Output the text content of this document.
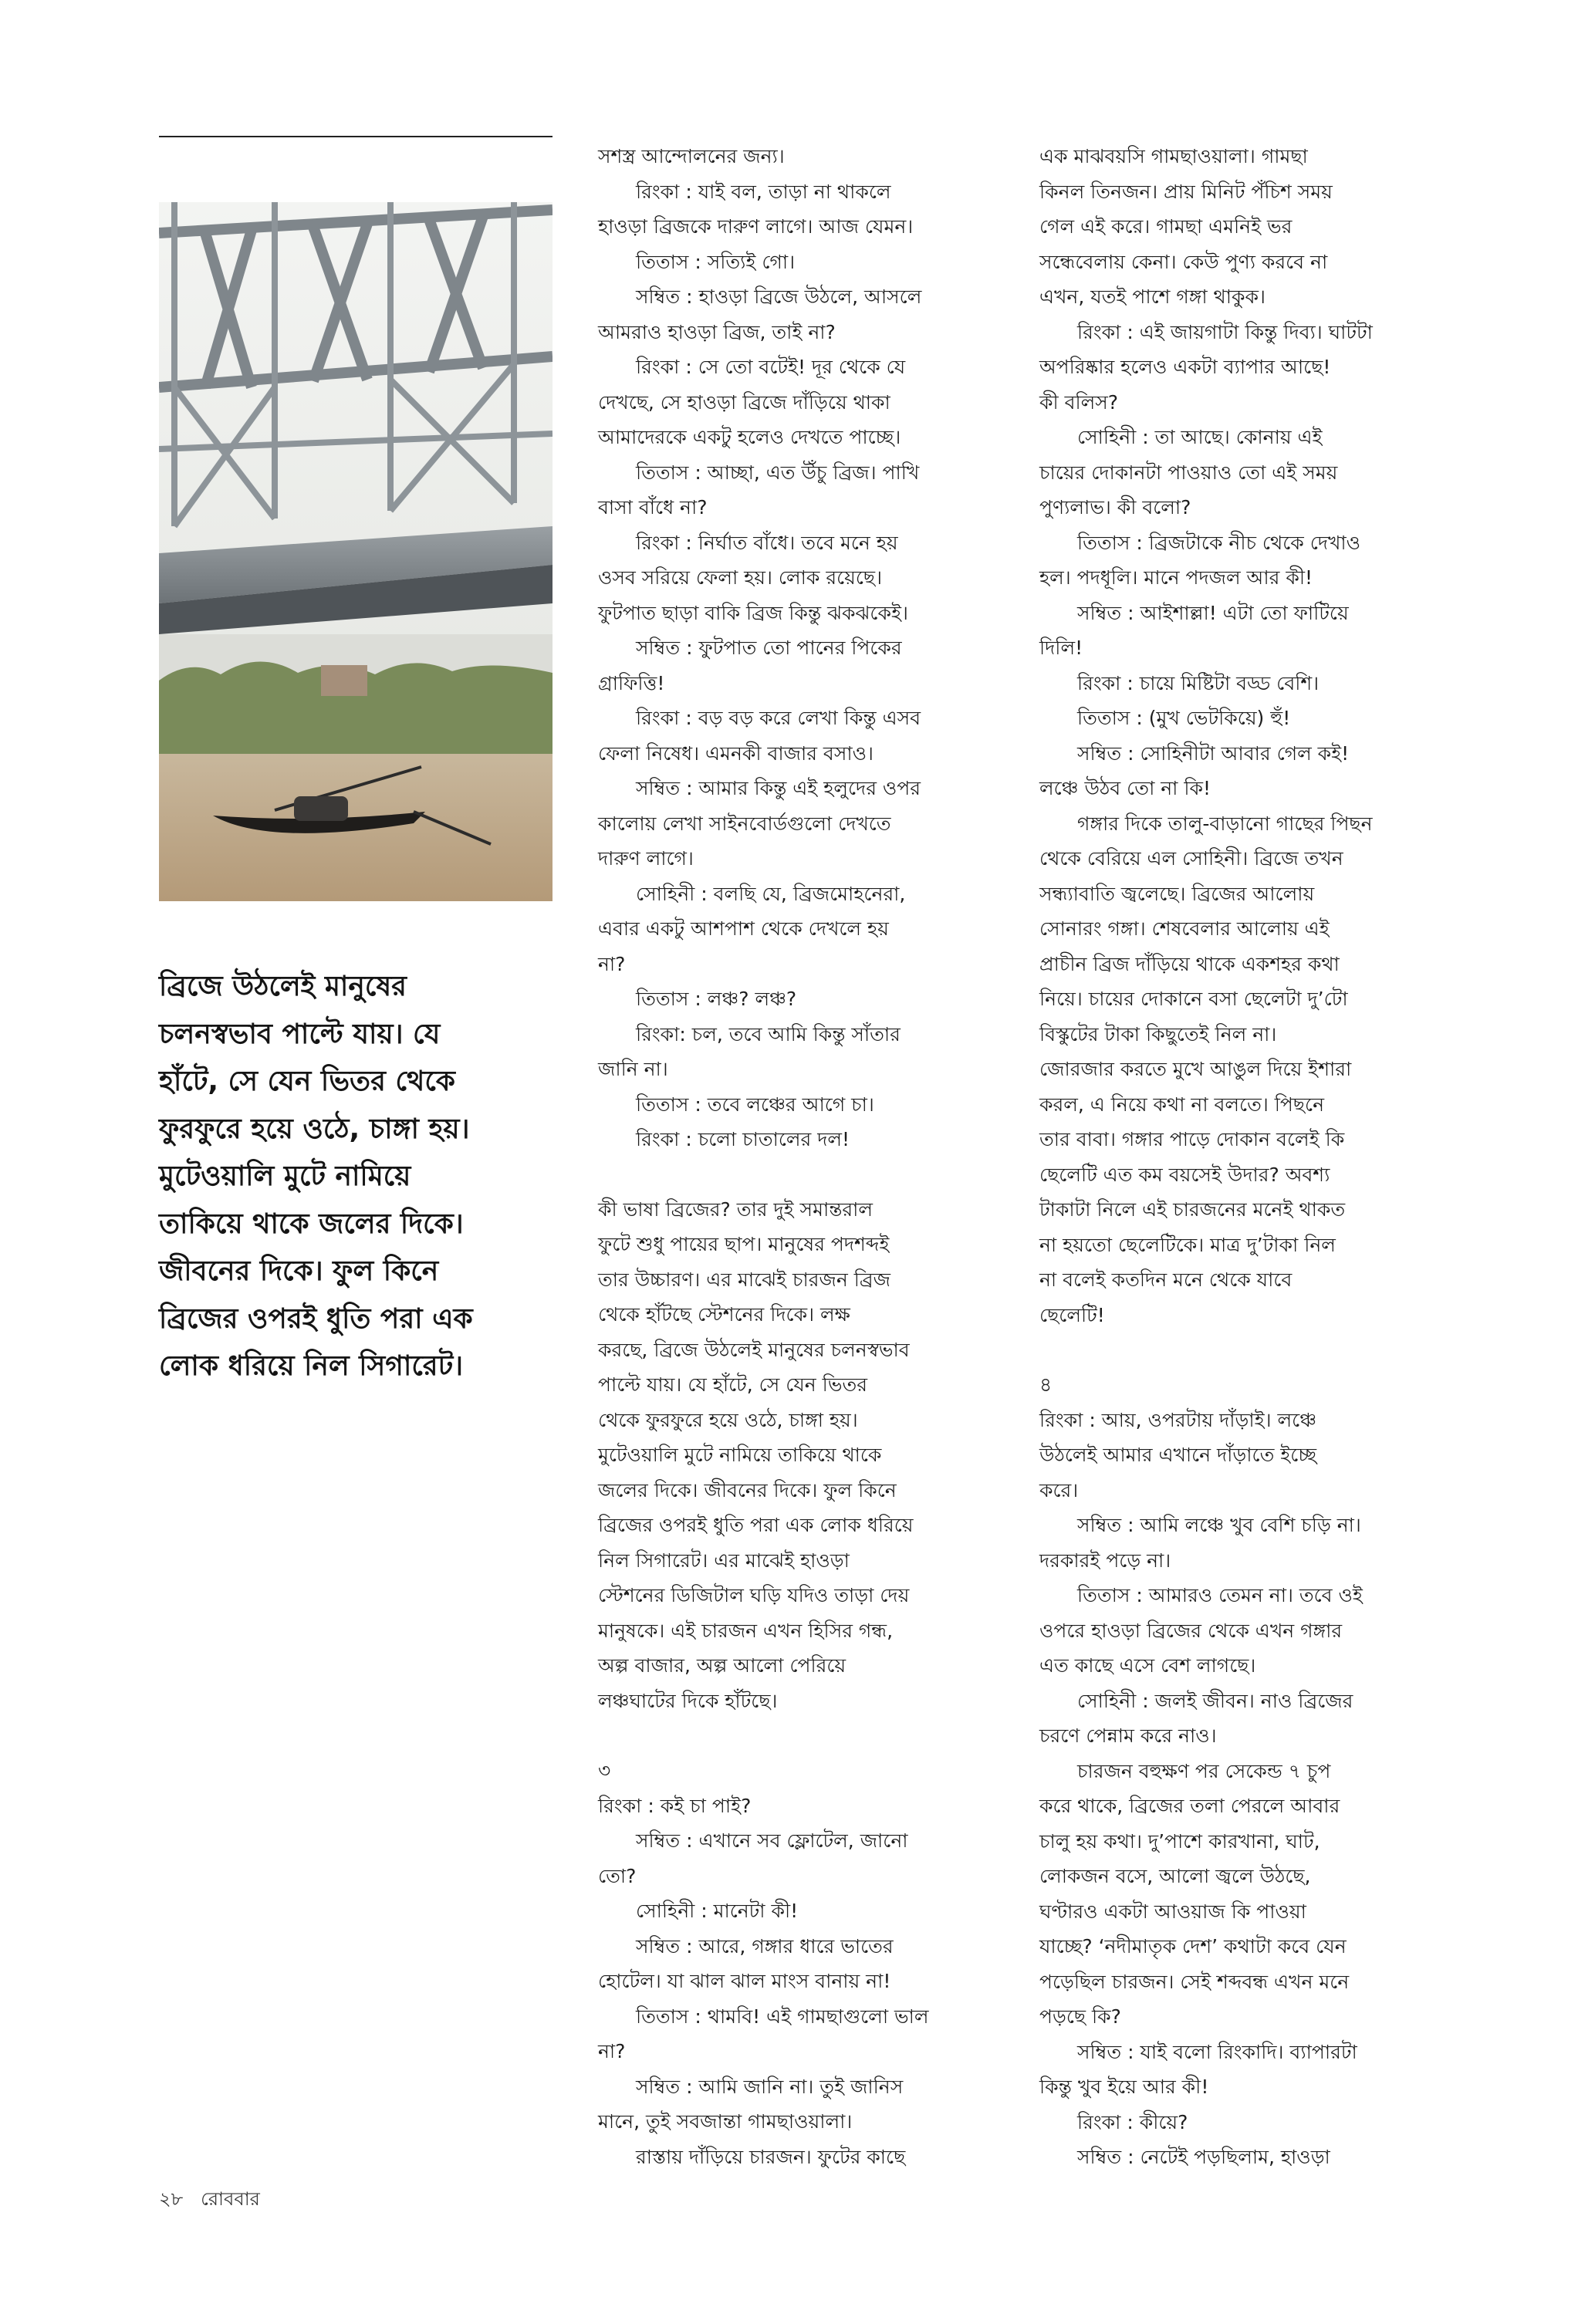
ব্রিজে উঠলেই মানুষের

চলনস্বভাব পাল্টে যায়। যে

হাঁটে, সে যেন ভিতর থেকে

ফুরফুরে হয়ে ওঠে, চাঙ্গা হয়।

মুটেওয়ালি মুটে নামিয়ে

তাকিয়ে থাকে জলের দিকে।

জীবনের দিকে। ফুল কিনে

ব্রিজের ওপরই ধুতি পরা এক

লোক ধরিয়ে নিল সিগারেট।

সশস্ত্র আন্দোলনের জন্য।

রিংকা : যাই বল, তাড়া না থাকলে

হাওড়া ব্রিজকে দারুণ লাগে। আজ যেমন।

তিতাস : সত্যিই গো।

সম্বিত : হাওড়া ব্রিজে উঠলে, আসলে

আমরাও হাওড়া ব্রিজ, তাই না?

রিংকা : সে তো বটেই! দূর থেকে যে

দেখছে, সে হাওড়া ব্রিজে দাঁড়িয়ে থাকা

আমাদেরকে একটু হলেও দেখতে পাচ্ছে।

তিতাস : আচ্ছা, এত উঁচু ব্রিজ। পাখি

বাসা বাঁধে না?

রিংকা : নির্ঘাত বাঁধে। তবে মনে হয়

ওসব সরিয়ে ফেলা হয়। লোক রয়েছে।

ফুটপাত ছাড়া বাকি ব্রিজ কিন্তু ঝকঝকেই।

সম্বিত : ফুটপাত তো পানের পিকের

গ্রাফিত্তি!

রিংকা : বড় বড় করে লেখা কিন্তু এসব

ফেলা নিষেধ। এমনকী বাজার বসাও।

সম্বিত : আমার কিন্তু এই হলুদের ওপর

কালোয় লেখা সাইনবোর্ডগুলো দেখতে

দারুণ লাগে।

সোহিনী : বলছি যে, ব্রিজমোহনেরা,

এবার একটু আশপাশ থেকে দেখলে হয়

না?

তিতাস : লঞ্চ? লঞ্চ?

রিংকা: চল, তবে আমি কিন্তু সাঁতার

জানি না।

তিতাস : তবে লঞ্চের আগে চা।

রিংকা : চলো চাতালের দল!

কী ভাষা ব্রিজের? তার দুই সমান্তরাল

ফুটে শুধু পায়ের ছাপ। মানুষের পদশব্দই

তার উচ্চারণ। এর মাঝেই চারজন ব্রিজ

থেকে হাঁটছে স্টেশনের দিকে। লক্ষ

করছে, ব্রিজে উঠলেই মানুষের চলনস্বভাব

পাল্টে যায়। যে হাঁটে, সে যেন ভিতর

থেকে ফুরফুরে হয়ে ওঠে, চাঙ্গা হয়।

মুটেওয়ালি মুটে নামিয়ে তাকিয়ে থাকে

জলের দিকে। জীবনের দিকে। ফুল কিনে

ব্রিজের ওপরই ধুতি পরা এক লোক ধরিয়ে

নিল সিগারেট। এর মাঝেই হাওড়া

স্টেশনের ডিজিটাল ঘড়ি যদিও তাড়া দেয়

মানুষকে। এই চারজন এখন হিসির গন্ধ,

অল্প বাজার, অল্প আলো পেরিয়ে

লঞ্চঘাটের দিকে হাঁটছে।

৩

রিংকা : কই চা পাই?

সম্বিত : এখানে সব ফ্লোটেল, জানো

তো?

সোহিনী : মানেটা কী!

সম্বিত : আরে, গঙ্গার ধারে ভাতের

হোটেল। যা ঝাল ঝাল মাংস বানায় না!

তিতাস : থামবি! এই গামছাগুলো ভাল

না?

সম্বিত : আমি জানি না। তুই জানিস

মানে, তুই সবজান্তা গামছাওয়ালা।

রাস্তায় দাঁড়িয়ে চারজন। ফুটের কাছে

এক মাঝবয়সি গামছাওয়ালা। গামছা

কিনল তিনজন। প্রায় মিনিট পঁচিশ সময়

গেল এই করে। গামছা এমনিই ভর

সন্ধেবেলায় কেনা। কেউ পুণ্য করবে না

এখন, যতই পাশে গঙ্গা থাকুক।

রিংকা : এই জায়গাটা কিন্তু দিব্য। ঘাটটা

অপরিষ্কার হলেও একটা ব্যাপার আছে!

কী বলিস?

সোহিনী : তা আছে। কোনায় এই

চায়ের দোকানটা পাওয়াও তো এই সময়

পুণ্যলাভ। কী বলো?

তিতাস : ব্রিজটাকে নীচ থেকে দেখাও

হল। পদধূলি। মানে পদজল আর কী!

সম্বিত : আইশাল্লা! এটা তো ফাটিয়ে

দিলি!

রিংকা : চায়ে মিষ্টিটা বড্ড বেশি।

তিতাস : (মুখ ভেটকিয়ে) হুঁ!

সম্বিত : সোহিনীটা আবার গেল কই!

লঞ্চে উঠব তো না কি!

গঙ্গার দিকে তালু-বাড়ানো গাছের পিছন

থেকে বেরিয়ে এল সোহিনী। ব্রিজে তখন

সন্ধ্যাবাতি জ্বলেছে। ব্রিজের আলোয়

সোনারং গঙ্গা। শেষবেলার আলোয় এই

প্রাচীন ব্রিজ দাঁড়িয়ে থাকে একশহর কথা

নিয়ে। চায়ের দোকানে বসা ছেলেটা দু’টো

বিস্কুটের টাকা কিছুতেই নিল না।

জোরজার করতে মুখে আঙুল দিয়ে ইশারা

করল, এ নিয়ে কথা না বলতে। পিছনে

তার বাবা। গঙ্গার পাড়ে দোকান বলেই কি

ছেলেটি এত কম বয়সেই উদার? অবশ্য

টাকাটা নিলে এই চারজনের মনেই থাকত

না হয়তো ছেলেটিকে। মাত্র দু’টাকা নিল

না বলেই কতদিন মনে থেকে যাবে

ছেলেটি!

৪

রিংকা : আয়, ওপরটায় দাঁড়াই। লঞ্চে

উঠলেই আমার এখানে দাঁড়াতে ইচ্ছে

করে।

সম্বিত : আমি লঞ্চে খুব বেশি চড়ি না।

দরকারই পড়ে না।

তিতাস : আমারও তেমন না। তবে ওই

ওপরে হাওড়া ব্রিজের থেকে এখন গঙ্গার

এত কাছে এসে বেশ লাগছে।

সোহিনী : জলই জীবন। নাও ব্রিজের

চরণে পেন্নাম করে নাও।

চারজন বহুক্ষণ পর সেকেন্ড ৭ চুপ

করে থাকে, ব্রিজের তলা পেরলে আবার

চালু হয় কথা। দু’পাশে কারখানা, ঘাট,

লোকজন বসে, আলো জ্বলে উঠছে,

ঘণ্টারও একটা আওয়াজ কি পাওয়া

যাচ্ছে? ‘নদীমাতৃক দেশ’ কথাটা কবে যেন

পড়েছিল চারজন। সেই শব্দবন্ধ এখন মনে

পড়ছে কি?

সম্বিত : যাই বলো রিংকাদি। ব্যাপারটা

কিন্তু খুব ইয়ে আর কী!

রিংকা : কীয়ে?

সম্বিত : নেটেই পড়ছিলাম, হাওড়া

২৮ রোববার
